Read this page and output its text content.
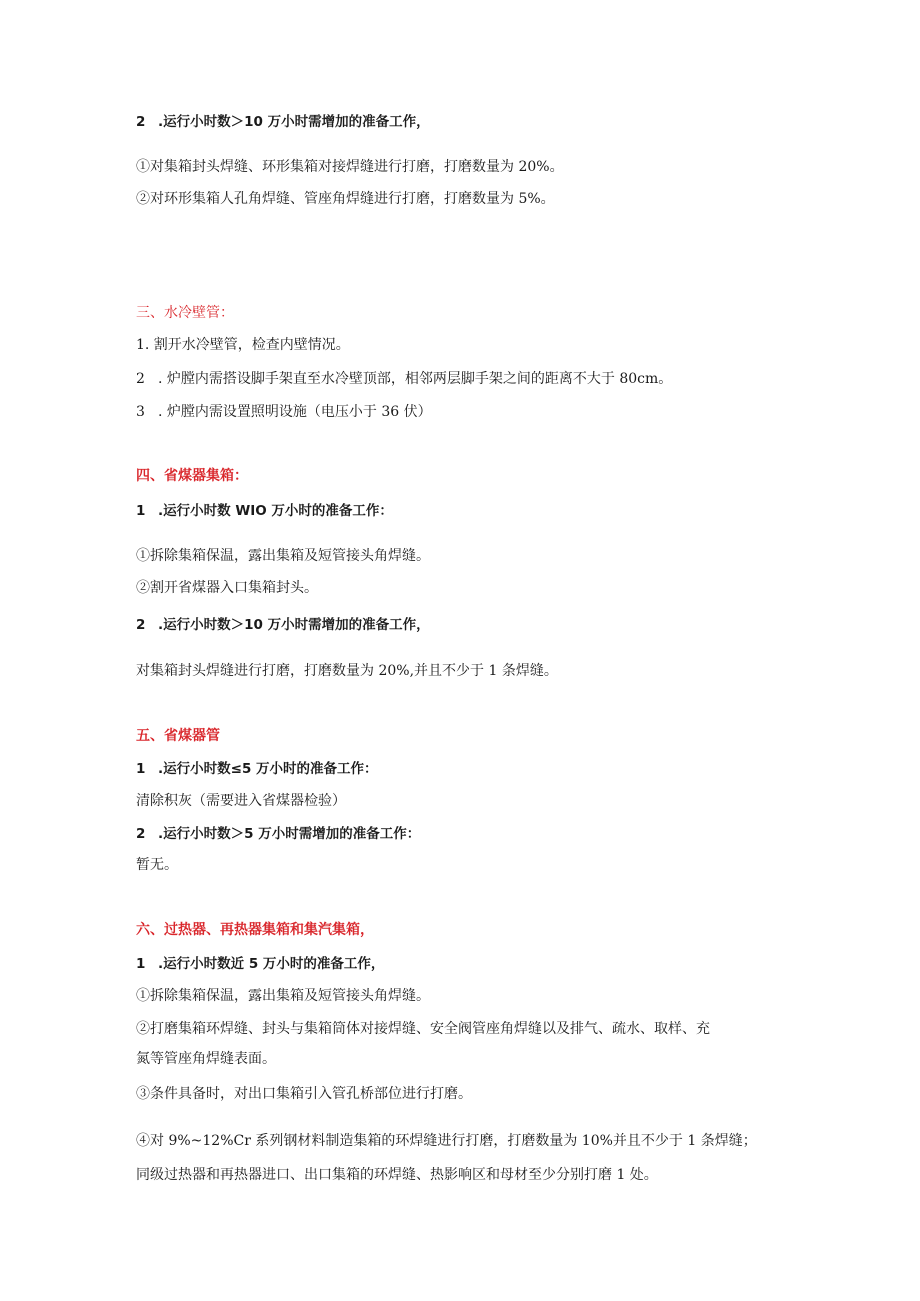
2 .运行小时数＞10 万小时需增加的准备工作，
①对集箱封头焊缝、环形集箱对接焊缝进行打磨，打磨数量为 20%。
②对环形集箱人孔角焊缝、管座角焊缝进行打磨，打磨数量为 5%。
三、水冷壁管：
1. 割开水冷壁管，检查内壁情况。
2 . 炉膛内需搭设脚手架直至水冷壁顶部，相邻两层脚手架之间的距离不大于 80cm。
3 . 炉膛内需设置照明设施（电压小于 36 伏）
四、省煤器集箱：
1 .运行小时数 WIO 万小时的准备工作：
①拆除集箱保温，露出集箱及短管接头角焊缝。
②割开省煤器入口集箱封头。
2 .运行小时数＞10 万小时需增加的准备工作，
对集箱封头焊缝进行打磨，打磨数量为 20%,并且不少于 1 条焊缝。
五、省煤器管
1 .运行小时数≤5 万小时的准备工作：
清除积灰（需要进入省煤器检验）
2 .运行小时数＞5 万小时需增加的准备工作：
暂无。
六、过热器、再热器集箱和集汽集箱，
1 .运行小时数近 5 万小时的准备工作，
①拆除集箱保温，露出集箱及短管接头角焊缝。
②打磨集箱环焊缝、封头与集箱筒体对接焊缝、安全阀管座角焊缝以及排气、疏水、取样、充
氮等管座角焊缝表面。
③条件具备时，对出口集箱引入管孔桥部位进行打磨。
④对 9%~12%Cr 系列钢材料制造集箱的环焊缝进行打磨，打磨数量为 10%并且不少于 1 条焊缝；
同级过热器和再热器进口、出口集箱的环焊缝、热影响区和母材至少分别打磨 1 处。
